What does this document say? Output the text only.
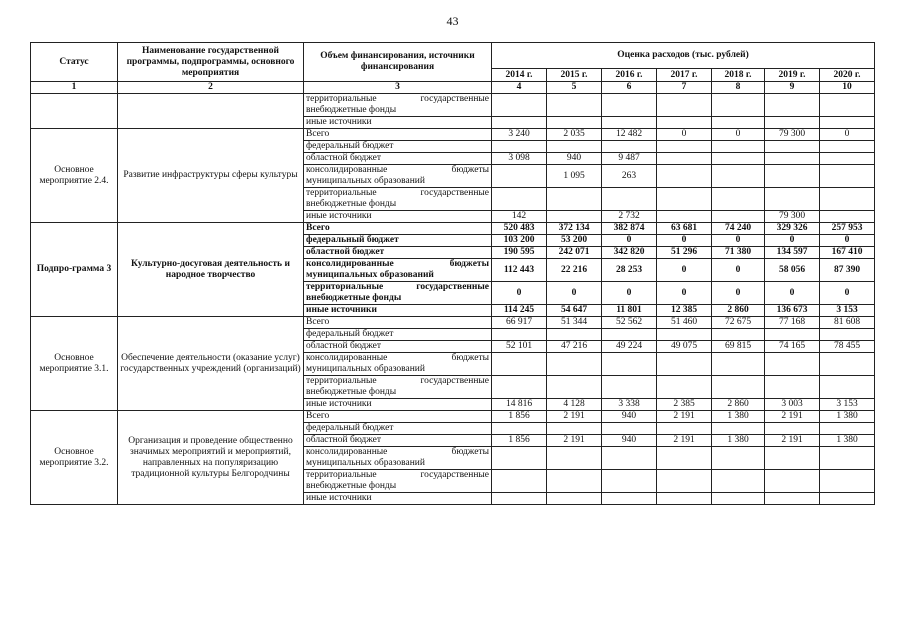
43
Статус	Наименование государственной программы, подпрограммы, основного мероприятия	Объем финансирования, источники финансирования	Оценка расходов (тыс. рублей)						
			2014 г.	2015 г.	2016 г.	2017 г.	2018 г.	2019 г.	2020 г.
1	2	3	4	5	6	7	8	9	10

		территориальные государственные
внебюджетные фонды							

		иные источники							

Основное мероприятие 2.4.	Развитие инфраструктуры сферы культуры	Всего	3 240	2 035	12 482	0	0	79 300	0

		федеральный бюджет							

		областной бюджет	3 098	940	9 487				

		консолидированные бюджеты
муниципальных образований		1 095	263				

		территориальные государственные
внебюджетные фонды							

		иные источники	142		2 732			79 300	
Подпро-грамма 3	Культурно-досуговая деятельность и народное творчество	Всего	520 483	372 134	382 874	63 681	74 240	329 326	257 953

		федеральный бюджет	103 200	53 200	0	0	0	0	0

		областной бюджет	190 595	242 071	342 820	51 296	71 380	134 597	167 410

		консолидированные бюджеты
муниципальных образований	112 443	22 216	28 253	0	0	58 056	87 390

		территориальные государственные
внебюджетные фонды	0	0	0	0	0	0	0

		иные источники	114 245	54 647	11 801	12 385	2 860	136 673	3 153
Основное мероприятие 3.1.	Обеспечение деятельности (оказание услуг) государственных учреждений (организаций)	Всего	66 917	51 344	52 562	51 460	72 675	77 168	81 608

		федеральный бюджет							

		областной бюджет	52 101	47 216	49 224	49 075	69 815	74 165	78 455

		консолидированные бюджеты
муниципальных образований							

		территориальные государственные
внебюджетные фонды							

		иные источники	14 816	4 128	3 338	2 385	2 860	3 003	3 153
Основное мероприятие 3.2.	Организация и проведение общественно значимых мероприятий и мероприятий, направленных на популяризацию традиционной культуры Белгородчины	Всего	1 856	2 191	940	2 191	1 380	2 191	1 380

		федеральный бюджет							

		областной бюджет	1 856	2 191	940	2 191	1 380	2 191	1 380

		консолидированные бюджеты
муниципальных образований							

		территориальные государственные
внебюджетные фонды							

		иные источники							
